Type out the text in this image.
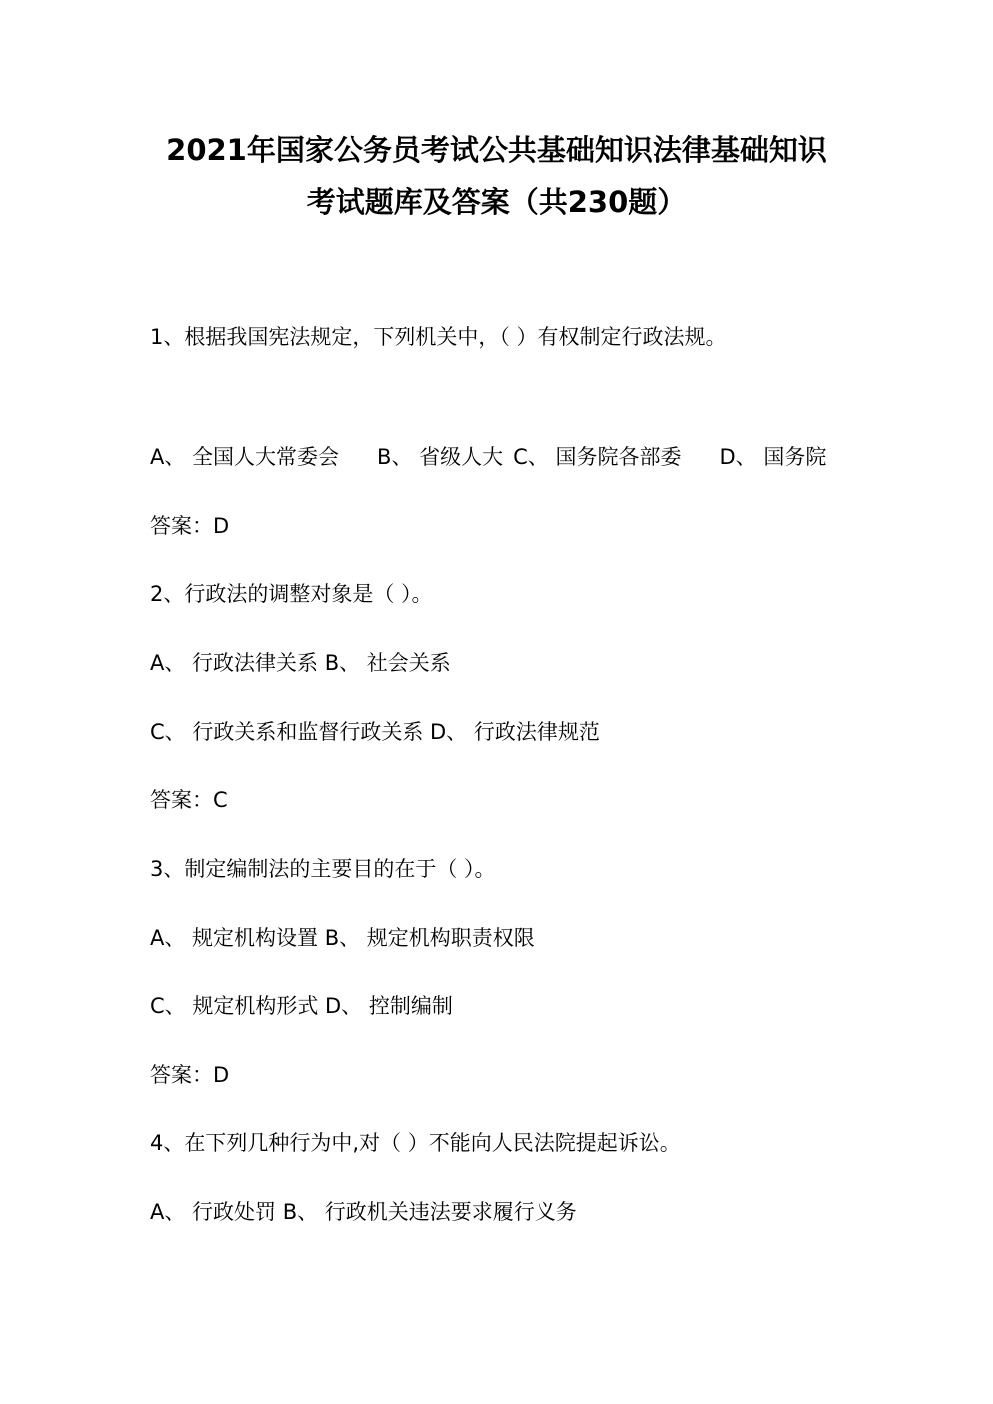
2021年国家公务员考试公共基础知识法律基础知识
考试题库及答案（共230题）
1、根据我国宪法规定，下列机关中，（ ）有权制定行政法规。
A、 全国人大常委会 B、 省级人大 C、 国务院各部委 D、 国务院
答案：D
2、行政法的调整对象是（ ）。
A、 行政法律关系 B、 社会关系
C、 行政关系和监督行政关系 D、 行政法律规范
答案：C
3、制定编制法的主要目的在于（ ）。
A、 规定机构设置 B、 规定机构职责权限
C、 规定机构形式 D、 控制编制
答案：D
4、在下列几种行为中,对（ ）不能向人民法院提起诉讼。
A、 行政处罚 B、 行政机关违法要求履行义务
